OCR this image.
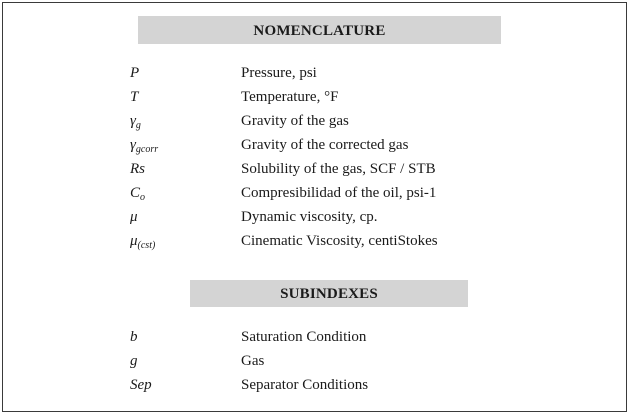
NOMENCLATURE
P	Pressure, psi
T	Temperature, °F
$\gamma_g$	Gravity of the gas
$\gamma_{gcorr}$	Gravity of the corrected gas
Rs	Solubility of the gas, SCF / STB
$C_o$	Compresibilidad of the oil, psi-1
μ	Dynamic viscosity, cp.
$\mu_{(cst)}$	Cinematic Viscosity, centiStokes
SUBINDEXES
b	Saturation Condition
g	Gas
Sep	Separator Conditions
